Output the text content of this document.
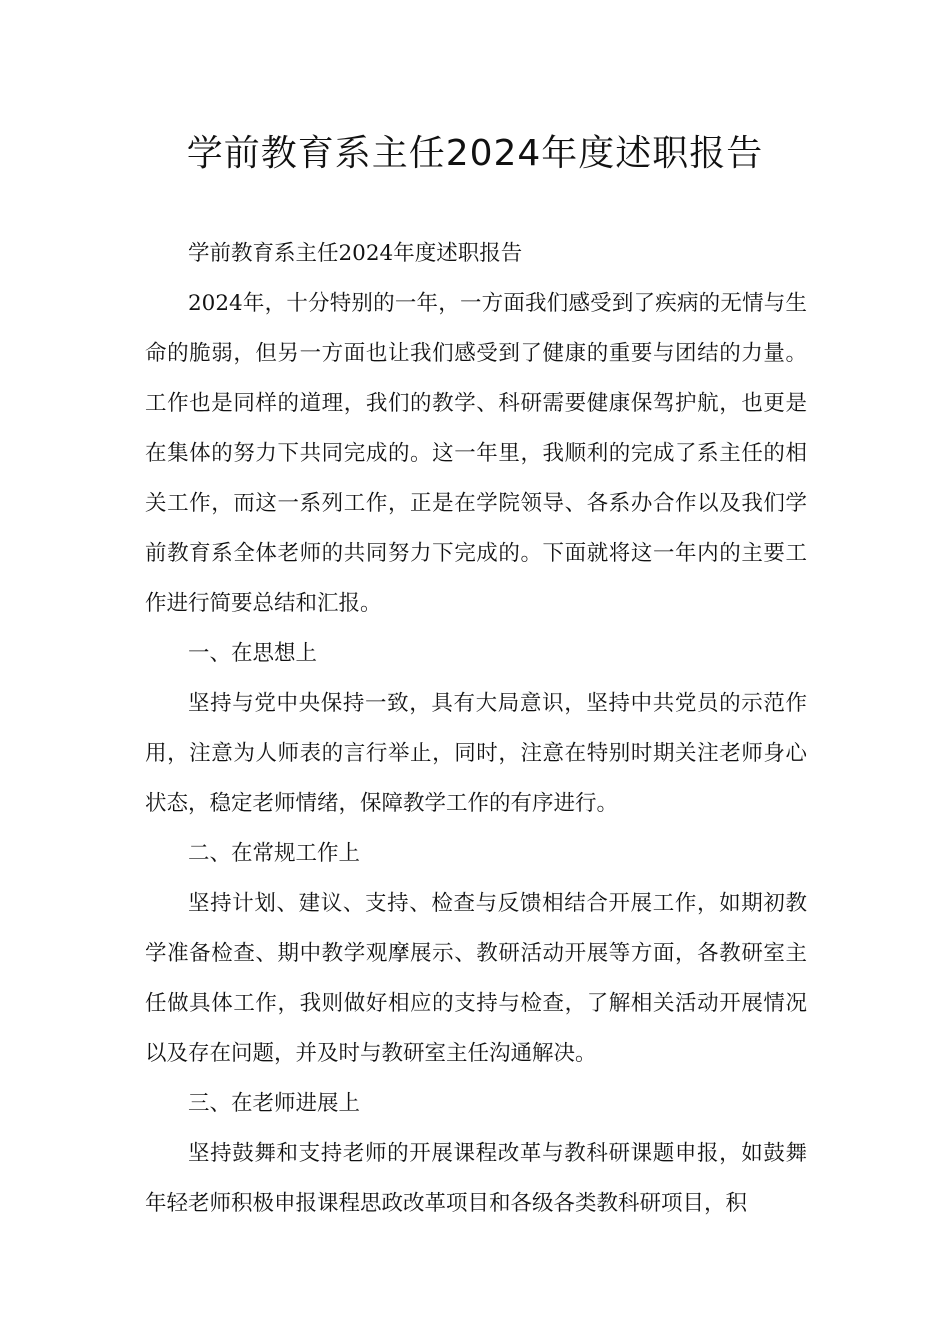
学前教育系主任2024年度述职报告

学前教育系主任2024年度述职报告

2024年，十分特别的一年，一方面我们感受到了疾病的无情与生命的脆弱，但另一方面也让我们感受到了健康的重要与团结的力量。工作也是同样的道理，我们的教学、科研需要健康保驾护航，也更是在集体的努力下共同完成的。这一年里，我顺利的完成了系主任的相关工作，而这一系列工作，正是在学院领导、各系办合作以及我们学前教育系全体老师的共同努力下完成的。下面就将这一年内的主要工作进行简要总结和汇报。

一、在思想上

坚持与党中央保持一致，具有大局意识，坚持中共党员的示范作用，注意为人师表的言行举止，同时，注意在特别时期关注老师身心状态，稳定老师情绪，保障教学工作的有序进行。

二、在常规工作上

坚持计划、建议、支持、检查与反馈相结合开展工作，如期初教学准备检查、期中教学观摩展示、教研活动开展等方面，各教研室主任做具体工作，我则做好相应的支持与检查，了解相关活动开展情况以及存在问题，并及时与教研室主任沟通解决。

三、在老师进展上

坚持鼓舞和支持老师的开展课程改革与教科研课题申报，如鼓舞年轻老师积极申报课程思政改革项目和各级各类教科研项目，积
